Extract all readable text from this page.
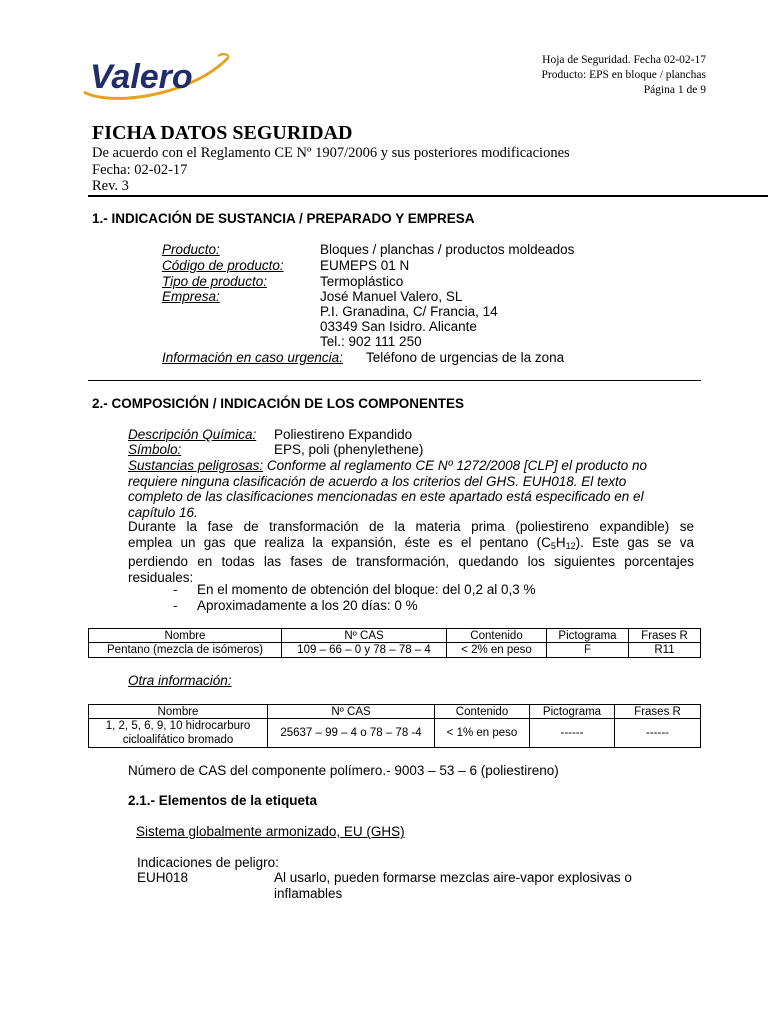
Valero	Hoja de Seguridad. Fecha 02-02-17
Producto: EPS en bloque / planchas
Página 1 de 9
FICHA DATOS SEGURIDAD
De acuerdo con el Reglamento CE Nº 1907/2006 y sus posteriores modificaciones
Fecha: 02-02-17
Rev. 3
1.- INDICACIÓN DE SUSTANCIA / PREPARADO Y EMPRESA
Producto:	Bloques / planchas / productos moldeados
Código de producto:	EUMEPS 01 N
Tipo de producto:	Termoplástico
Empresa:	José Manuel Valero, SL
P.I. Granadina, C/ Francia, 14
03349 San Isidro. Alicante
Tel.: 902 111 250
Información en caso urgencia: Teléfono de urgencias de la zona
2.- COMPOSICIÓN / INDICACIÓN DE LOS COMPONENTES
Descripción Química: Poliestireno Expandido
Símbolo:	EPS, poli (phenylethene)
Sustancias peligrosas: Conforme al reglamento CE Nº 1272/2008 [CLP] el producto no
requiere ninguna clasificación de acuerdo a los criterios del GHS. EUH018. El texto
completo de las clasificaciones mencionadas en este apartado está especificado en el
capítulo 16.
Durante la fase de transformación de la materia prima (poliestireno expandible) se
emplea un gas que realiza la expansión, éste es el pentano $(C_5H_{12})$. Este gas se va
perdiendo en todas las fases de transformación, quedando los siguientes porcentajes
residuales:
- En el momento de obtención del bloque: del 0,2 al 0,3 %
- Aproximadamente a los 20 días: 0 %
Nombre	Nº CAS	Contenido	Pictograma	Frases R
Pentano (mezcla de isómeros)	109 – 66 – 0 y 78 – 78 – 4	< 2% en peso	F	R11
Otra información:
Nombre	Nº CAS	Contenido	Pictograma	Frases R

1, 2, 5, 6, 9, 10 hidrocarburo
cicloalifático bromado	25637 – 99 – 4 o 78 – 78 -4	< 1% en peso	------	------
Número de CAS del componente polímero.- 9003 – 53 – 6 (poliestireno)
2.1.- Elementos de la etiqueta
Sistema globalmente armonizado, EU (GHS)
Indicaciones de peligro:
EUH018	Al usarlo, pueden formarse mezclas aire-vapor explosivas o
inflamables
